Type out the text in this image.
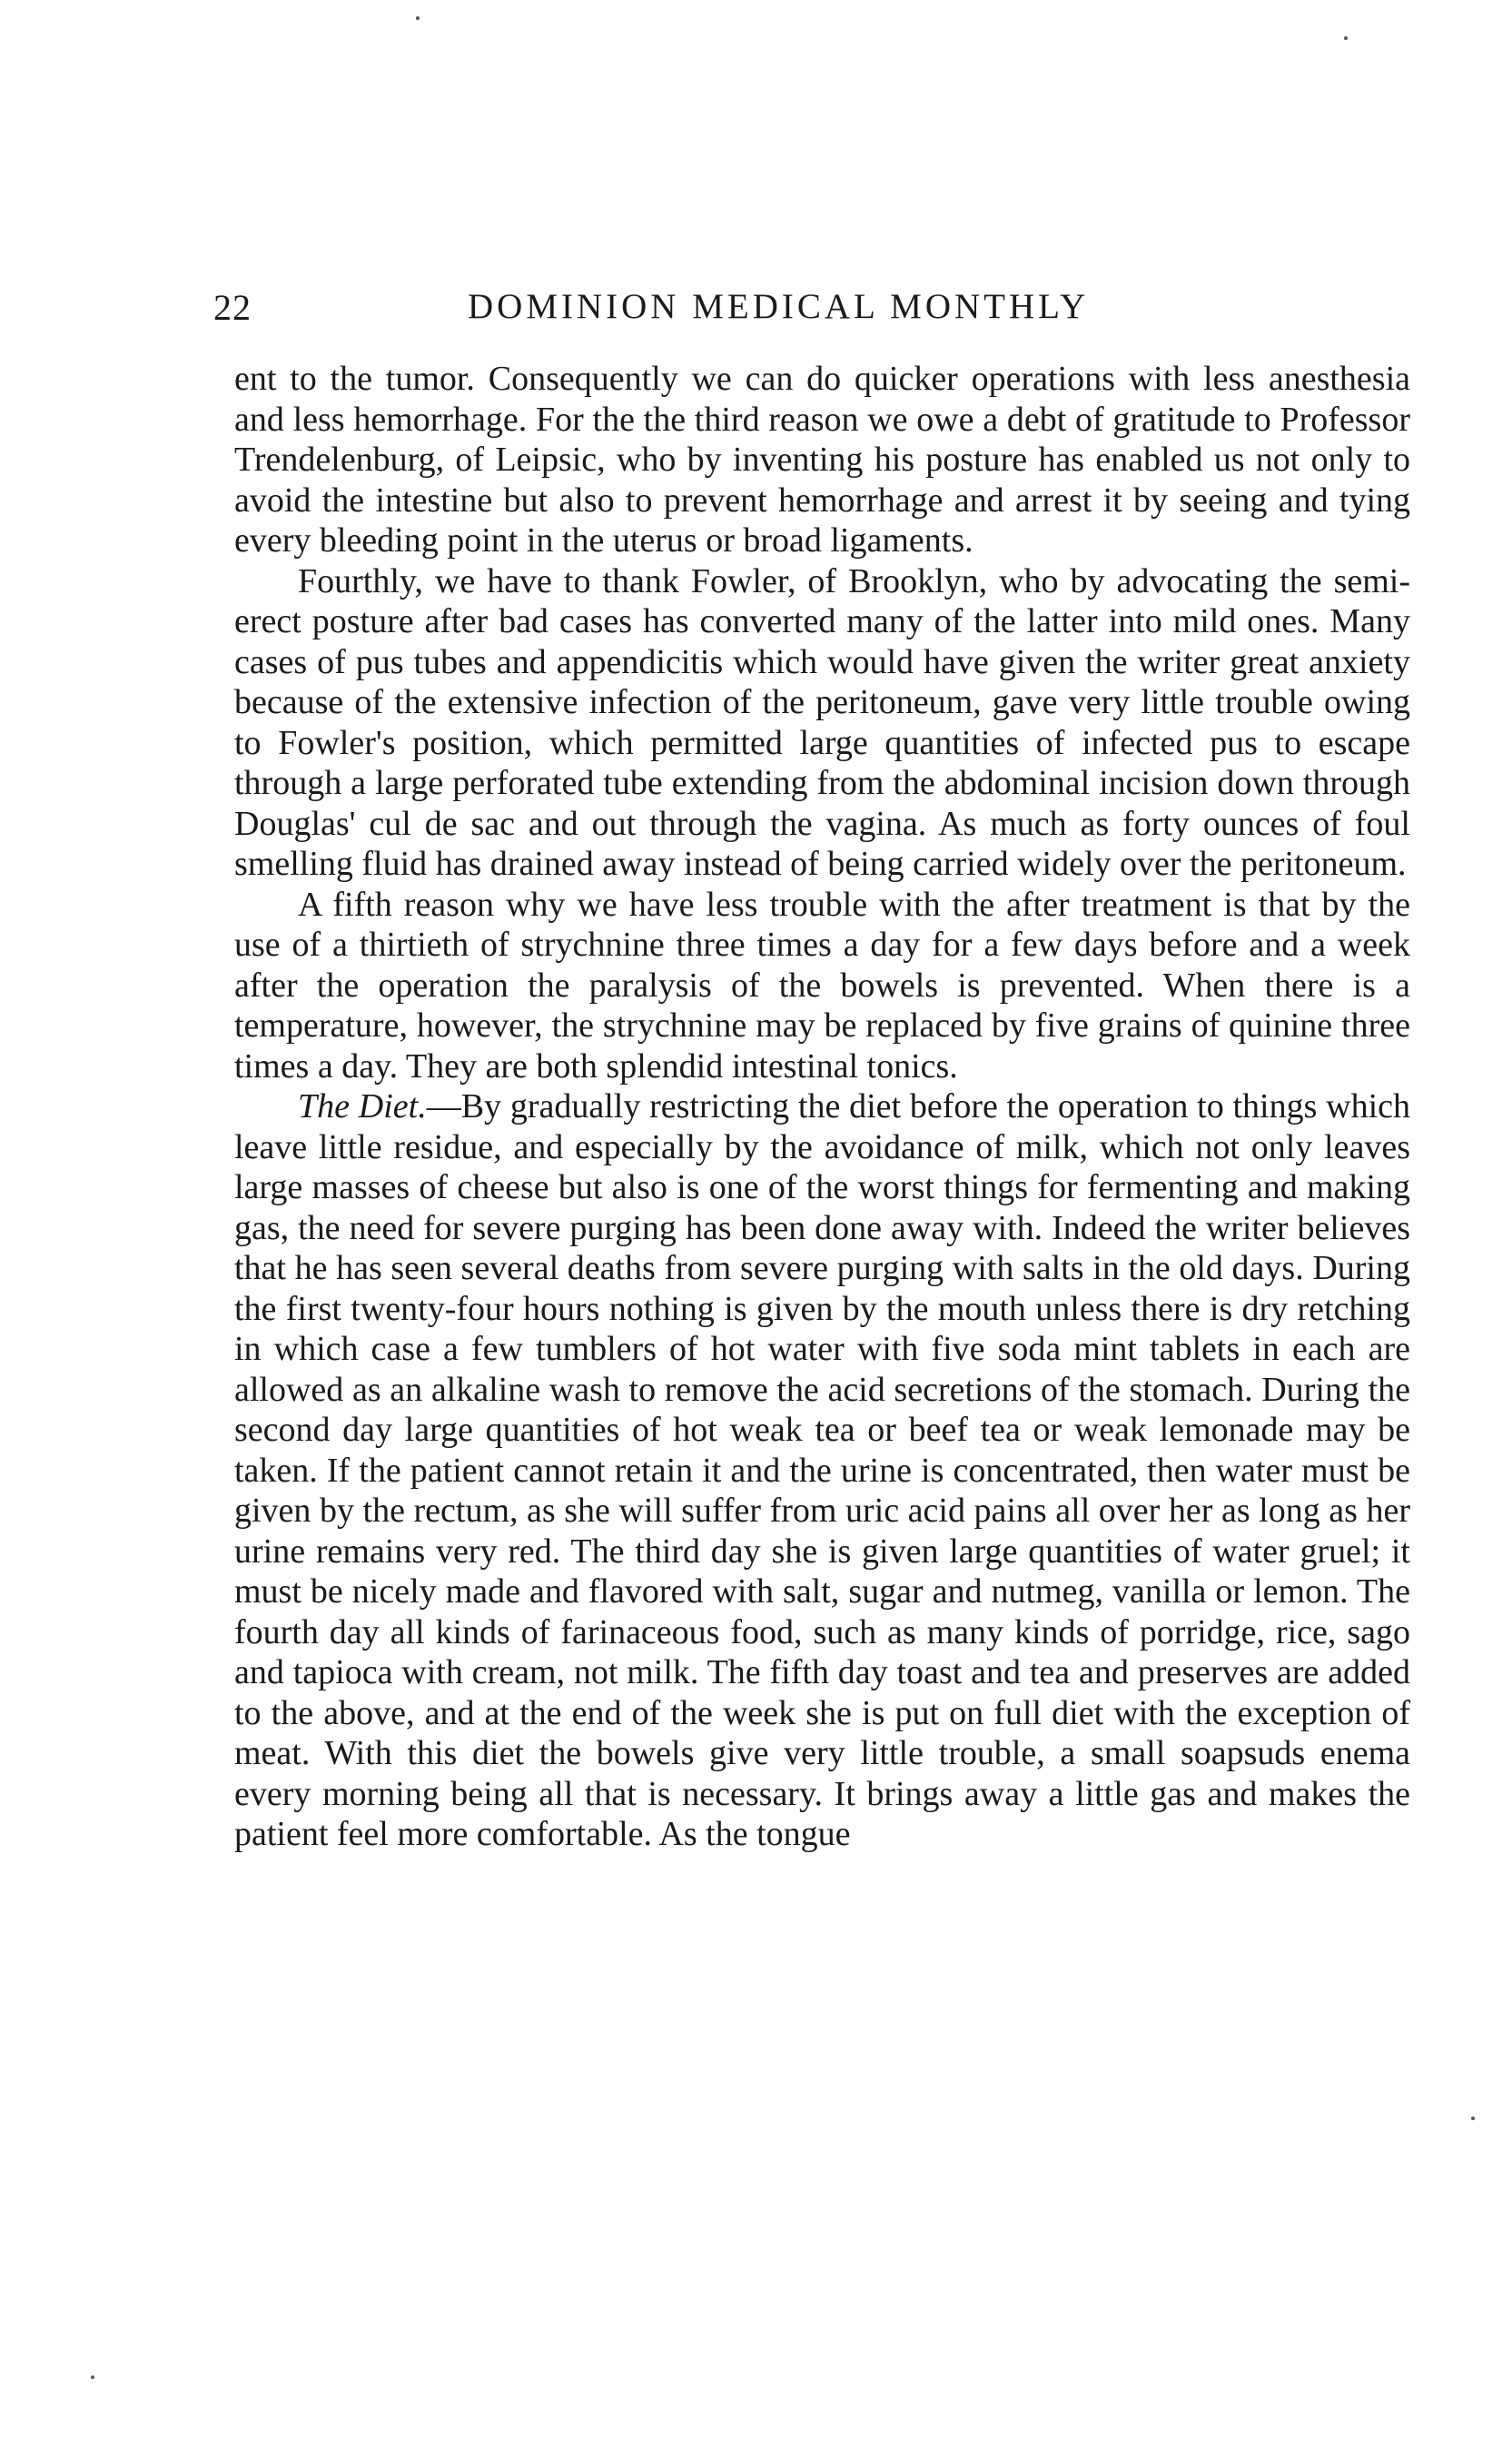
22	DOMINION MEDICAL MONTHLY

ent to the tumor. Consequently we can do quicker operations with less anesthesia and less hemorrhage. For the the third reason we owe a debt of gratitude to Professor Trendelenburg, of Leipsic, who by inventing his posture has enabled us not only to avoid the intestine but also to prevent hemorrhage and arrest it by seeing and tying every bleeding point in the uterus or broad ligaments.

Fourthly, we have to thank Fowler, of Brooklyn, who by advocating the semi-erect posture after bad cases has converted many of the latter into mild ones. Many cases of pus tubes and appendicitis which would have given the writer great anxiety because of the extensive infection of the peritoneum, gave very little trouble owing to Fowler's position, which permitted large quantities of infected pus to escape through a large perforated tube extending from the abdominal incision down through Douglas' cul de sac and out through the vagina. As much as forty ounces of foul smelling fluid has drained away instead of being carried widely over the peritoneum.

A fifth reason why we have less trouble with the after treatment is that by the use of a thirtieth of strychnine three times a day for a few days before and a week after the operation the paralysis of the bowels is prevented. When there is a temperature, however, the strychnine may be replaced by five grains of quinine three times a day. They are both splendid intestinal tonics.

The Diet.—By gradually restricting the diet before the operation to things which leave little residue, and especially by the avoidance of milk, which not only leaves large masses of cheese but also is one of the worst things for fermenting and making gas, the need for severe purging has been done away with. Indeed the writer believes that he has seen several deaths from severe purging with salts in the old days. During the first twenty-four hours nothing is given by the mouth unless there is dry retching in which case a few tumblers of hot water with five soda mint tablets in each are allowed as an alkaline wash to remove the acid secretions of the stomach. During the second day large quantities of hot weak tea or beef tea or weak lemonade may be taken. If the patient cannot retain it and the urine is concentrated, then water must be given by the rectum, as she will suffer from uric acid pains all over her as long as her urine remains very red. The third day she is given large quantities of water gruel; it must be nicely made and flavored with salt, sugar and nutmeg, vanilla or lemon. The fourth day all kinds of farinaceous food, such as many kinds of porridge, rice, sago and tapioca with cream, not milk. The fifth day toast and tea and preserves are added to the above, and at the end of the week she is put on full diet with the exception of meat. With this diet the bowels give very little trouble, a small soapsuds enema every morning being all that is necessary. It brings away a little gas and makes the patient feel more comfortable. As the tongue
